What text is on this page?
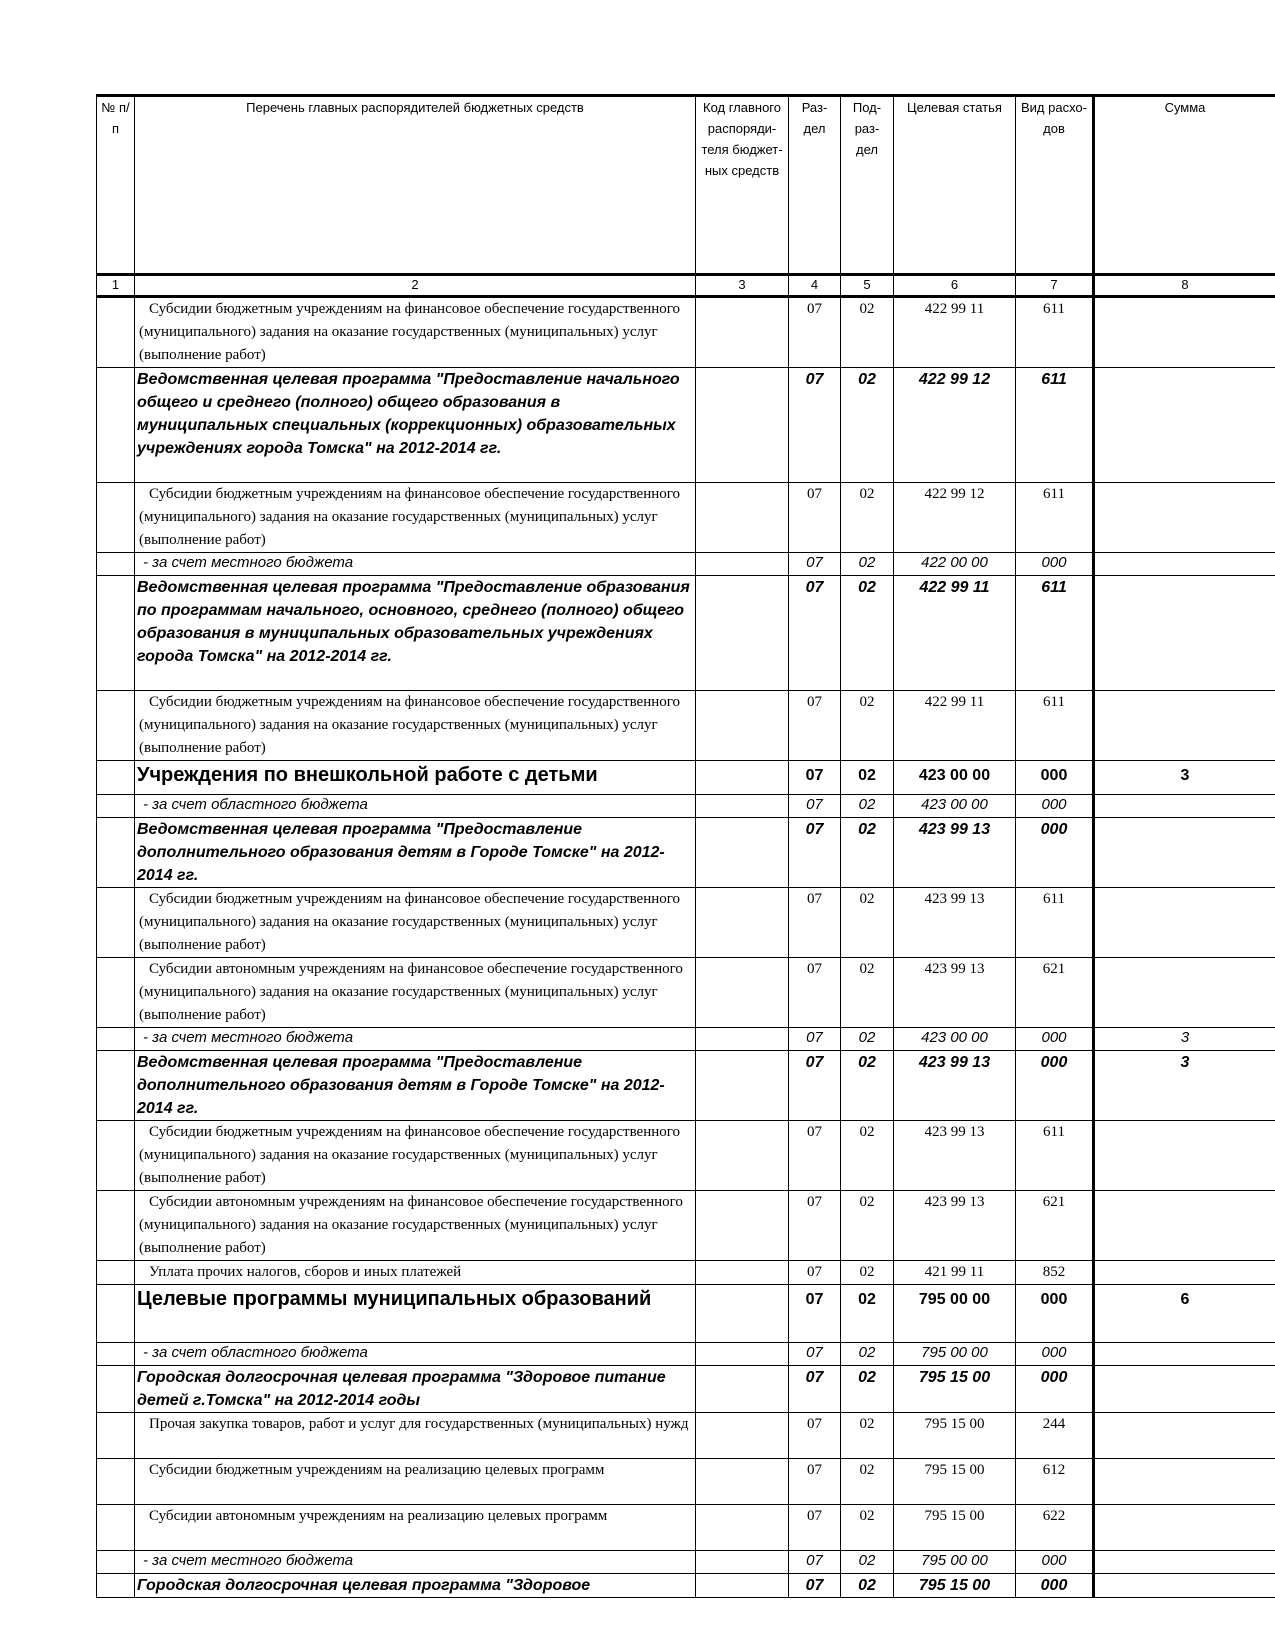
№ п/п	Перечень главных распорядителей бюджетных средств	Код главного распоряди- теля бюджет- ных средств	Раз- дел	Под- раз- дел	Целевая статья	Вид расхо- дов	Сумма
1	2	3	4	5	6	7	8
	Субсидии бюджетным учреждениям на финансовое обеспечение государственного (муниципального) задания на оказание государственных (муниципальных) услуг (выполнение работ)		07	02	422 99 11	611	
	Ведомственная целевая программа "Предоставление начального общего и среднего (полного) общего образования в муниципальных специальных (коррекционных) образовательных учреждениях города Томска" на 2012-2014 гг.		07	02	422 99 12	611	
	Субсидии бюджетным учреждениям на финансовое обеспечение государственного (муниципального) задания на оказание государственных (муниципальных) услуг (выполнение работ)		07	02	422 99 12	611	
	- за счет местного бюджета		07	02	422 00 00	000	
	Ведомственная целевая программа "Предоставление образования по программам начального, основного, среднего (полного) общего образования в муниципальных образовательных учреждениях города Томска" на 2012-2014 гг.		07	02	422 99 11	611	
	Субсидии бюджетным учреждениям на финансовое обеспечение государственного (муниципального) задания на оказание государственных (муниципальных) услуг (выполнение работ)		07	02	422 99 11	611	
	Учреждения по внешкольной работе с детьми		07	02	423 00 00	000	3
	- за счет областного бюджета		07	02	423 00 00	000	
	Ведомственная целевая программа "Предоставление дополнительного образования детям в Городе Томске" на 2012-2014 гг.		07	02	423 99 13	000	
	Субсидии бюджетным учреждениям на финансовое обеспечение государственного (муниципального) задания на оказание государственных (муниципальных) услуг (выполнение работ)		07	02	423 99 13	611	
	Субсидии автономным учреждениям на финансовое обеспечение государственного (муниципального) задания на оказание государственных (муниципальных) услуг (выполнение работ)		07	02	423 99 13	621	
	- за счет местного бюджета		07	02	423 00 00	000	3
	Ведомственная целевая программа "Предоставление дополнительного образования детям в Городе Томске" на 2012-2014 гг.		07	02	423 99 13	000	3
	Субсидии бюджетным учреждениям на финансовое обеспечение государственного (муниципального) задания на оказание государственных (муниципальных) услуг (выполнение работ)		07	02	423 99 13	611	
	Субсидии автономным учреждениям на финансовое обеспечение государственного (муниципального) задания на оказание государственных (муниципальных) услуг (выполнение работ)		07	02	423 99 13	621	
	Уплата прочих налогов, сборов и иных платежей		07	02	421 99 11	852	
	Целевые программы муниципальных образований		07	02	795 00 00	000	6
	- за счет областного бюджета		07	02	795 00 00	000	
	Городская долгосрочная целевая программа "Здоровое питание детей г.Томска" на 2012-2014 годы		07	02	795 15 00	000	
	Прочая закупка товаров, работ и услуг для государственных (муниципальных) нужд		07	02	795 15 00	244	
	Субсидии бюджетным учреждениям на реализацию целевых программ		07	02	795 15 00	612	
	Субсидии автономным учреждениям на реализацию целевых программ		07	02	795 15 00	622	
	- за счет местного бюджета		07	02	795 00 00	000	
	Городская долгосрочная целевая программа "Здоровое		07	02	795 15 00	000	
